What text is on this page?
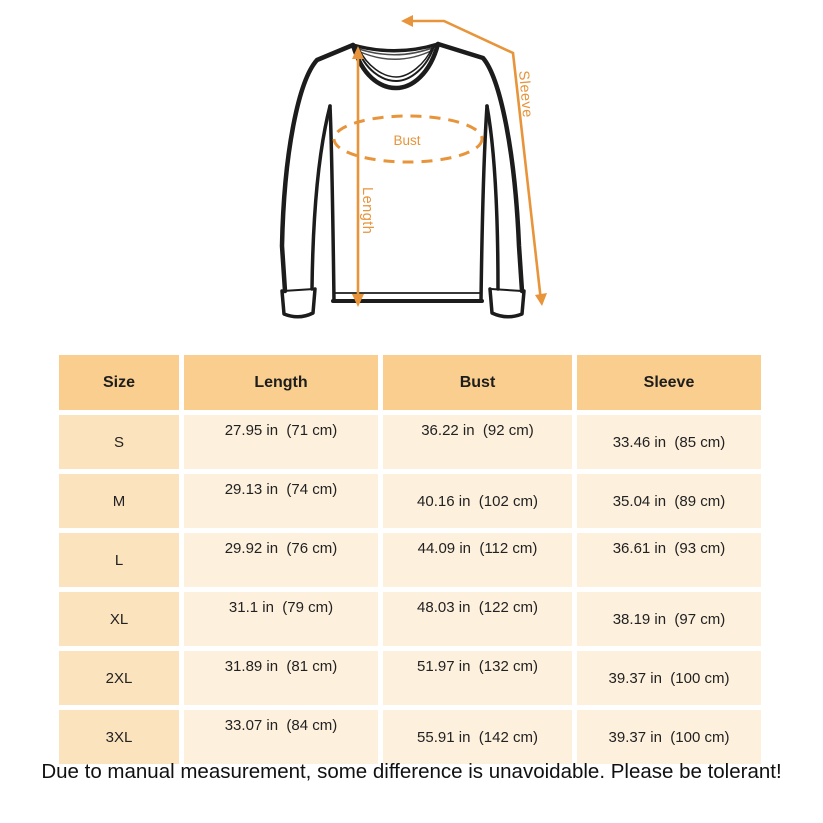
Bust
Length
Sleeve
Size	Length	Bust	Sleeve
S	27.95 in  (71 cm)	36.22 in  (92 cm)	33.46 in  (85 cm)
M	29.13 in  (74 cm)	40.16 in  (102 cm)	35.04 in  (89 cm)
L	29.92 in  (76 cm)	44.09 in  (112 cm)	36.61 in  (93 cm)
XL	31.1 in  (79 cm)	48.03 in  (122 cm)	38.19 in  (97 cm)
2XL	31.89 in  (81 cm)	51.97 in  (132 cm)	39.37 in  (100 cm)
3XL	33.07 in  (84 cm)	55.91 in  (142 cm)	39.37 in  (100 cm)
Due to manual measurement, some difference is unavoidable. Please be tolerant!
